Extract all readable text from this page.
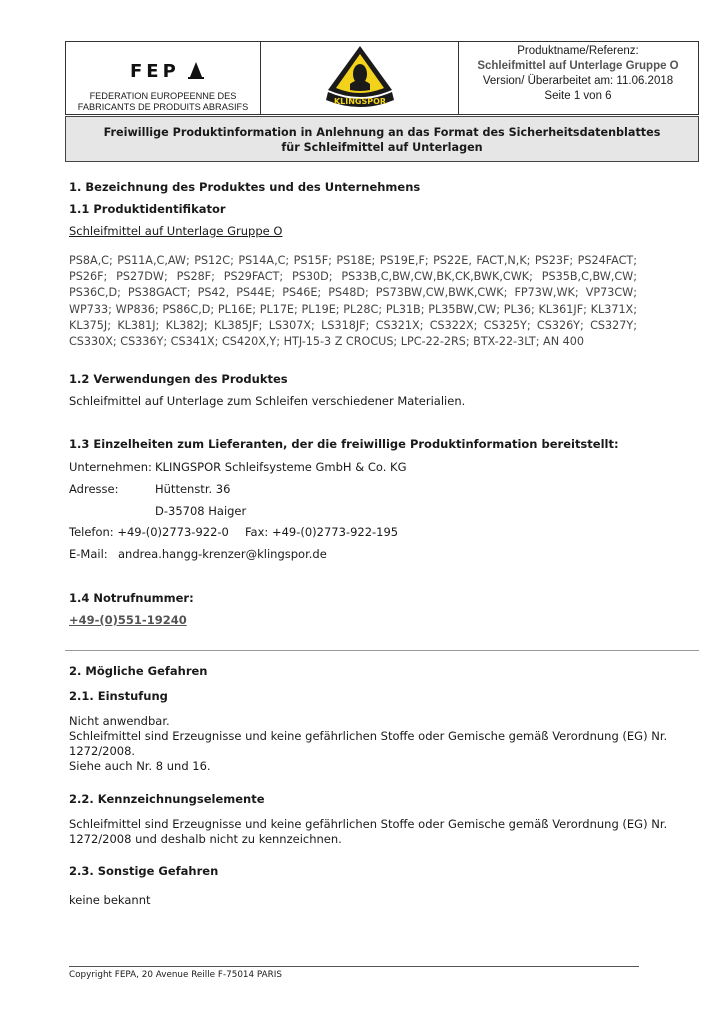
FEP
FEDERATION EUROPEENNE DES
FABRICANTS DE PRODUITS ABRASIFS
KLINGSPOR
Produktname/Referenz:
Schleifmittel auf Unterlage Gruppe O
Version/ Überarbeitet am: 11.06.2018
Seite 1 von 6
Freiwillige Produktinformation in Anlehnung an das Format des Sicherheitsdatenblattes
für Schleifmittel auf Unterlagen
1. Bezeichnung des Produktes und des Unternehmens
1.1 Produktidentifikator
Schleifmittel auf Unterlage Gruppe O
PS8A,C; PS11A,C,AW; PS12C; PS14A,C; PS15F; PS18E; PS19E,F; PS22E, FACT,N,K; PS23F; PS24FACT; PS26F; PS27DW; PS28F; PS29FACT; PS30D; PS33B,C,BW,CW,BK,CK,BWK,CWK; PS35B,C,BW,CW; PS36C,D; PS38GACT; PS42, PS44E; PS46E; PS48D; PS73BW,CW,BWK,CWK; FP73W,WK; VP73CW; WP733; WP836; PS86C,D; PL16E; PL17E; PL19E; PL28C; PL31B; PL35BW,CW; PL36; KL361JF; KL371X; KL375J; KL381J; KL382J; KL385JF; LS307X; LS318JF; CS321X; CS322X; CS325Y; CS326Y; CS327Y; CS330X; CS336Y; CS341X; CS420X,Y; HTJ-15-3 Z CROCUS; LPC-22-2RS; BTX-22-3LT; AN 400
1.2 Verwendungen des Produktes
Schleifmittel auf Unterlage zum Schleifen verschiedener Materialien.
1.3 Einzelheiten zum Lieferanten, der die freiwillige Produktinformation bereitstellt:
Unternehmen: KLINGSPOR Schleifsysteme GmbH & Co. KG
Adresse:	Hüttenstr. 36
D-35708 Haiger
Telefon: +49-(0)2773-922-0 Fax: +49-(0)2773-922-195
E-Mail: andrea.hangg-krenzer@klingspor.de
1.4 Notrufnummer:
+49-(0)551-19240
2. Mögliche Gefahren
2.1. Einstufung
Nicht anwendbar.
Schleifmittel sind Erzeugnisse und keine gefährlichen Stoffe oder Gemische gemäß Verordnung (EG) Nr.
1272/2008.
Siehe auch Nr. 8 und 16.
2.2. Kennzeichnungselemente
Schleifmittel sind Erzeugnisse und keine gefährlichen Stoffe oder Gemische gemäß Verordnung (EG) Nr.
1272/2008 und deshalb nicht zu kennzeichnen.
2.3. Sonstige Gefahren
keine bekannt
Copyright FEPA, 20 Avenue Reille F-75014 PARIS
